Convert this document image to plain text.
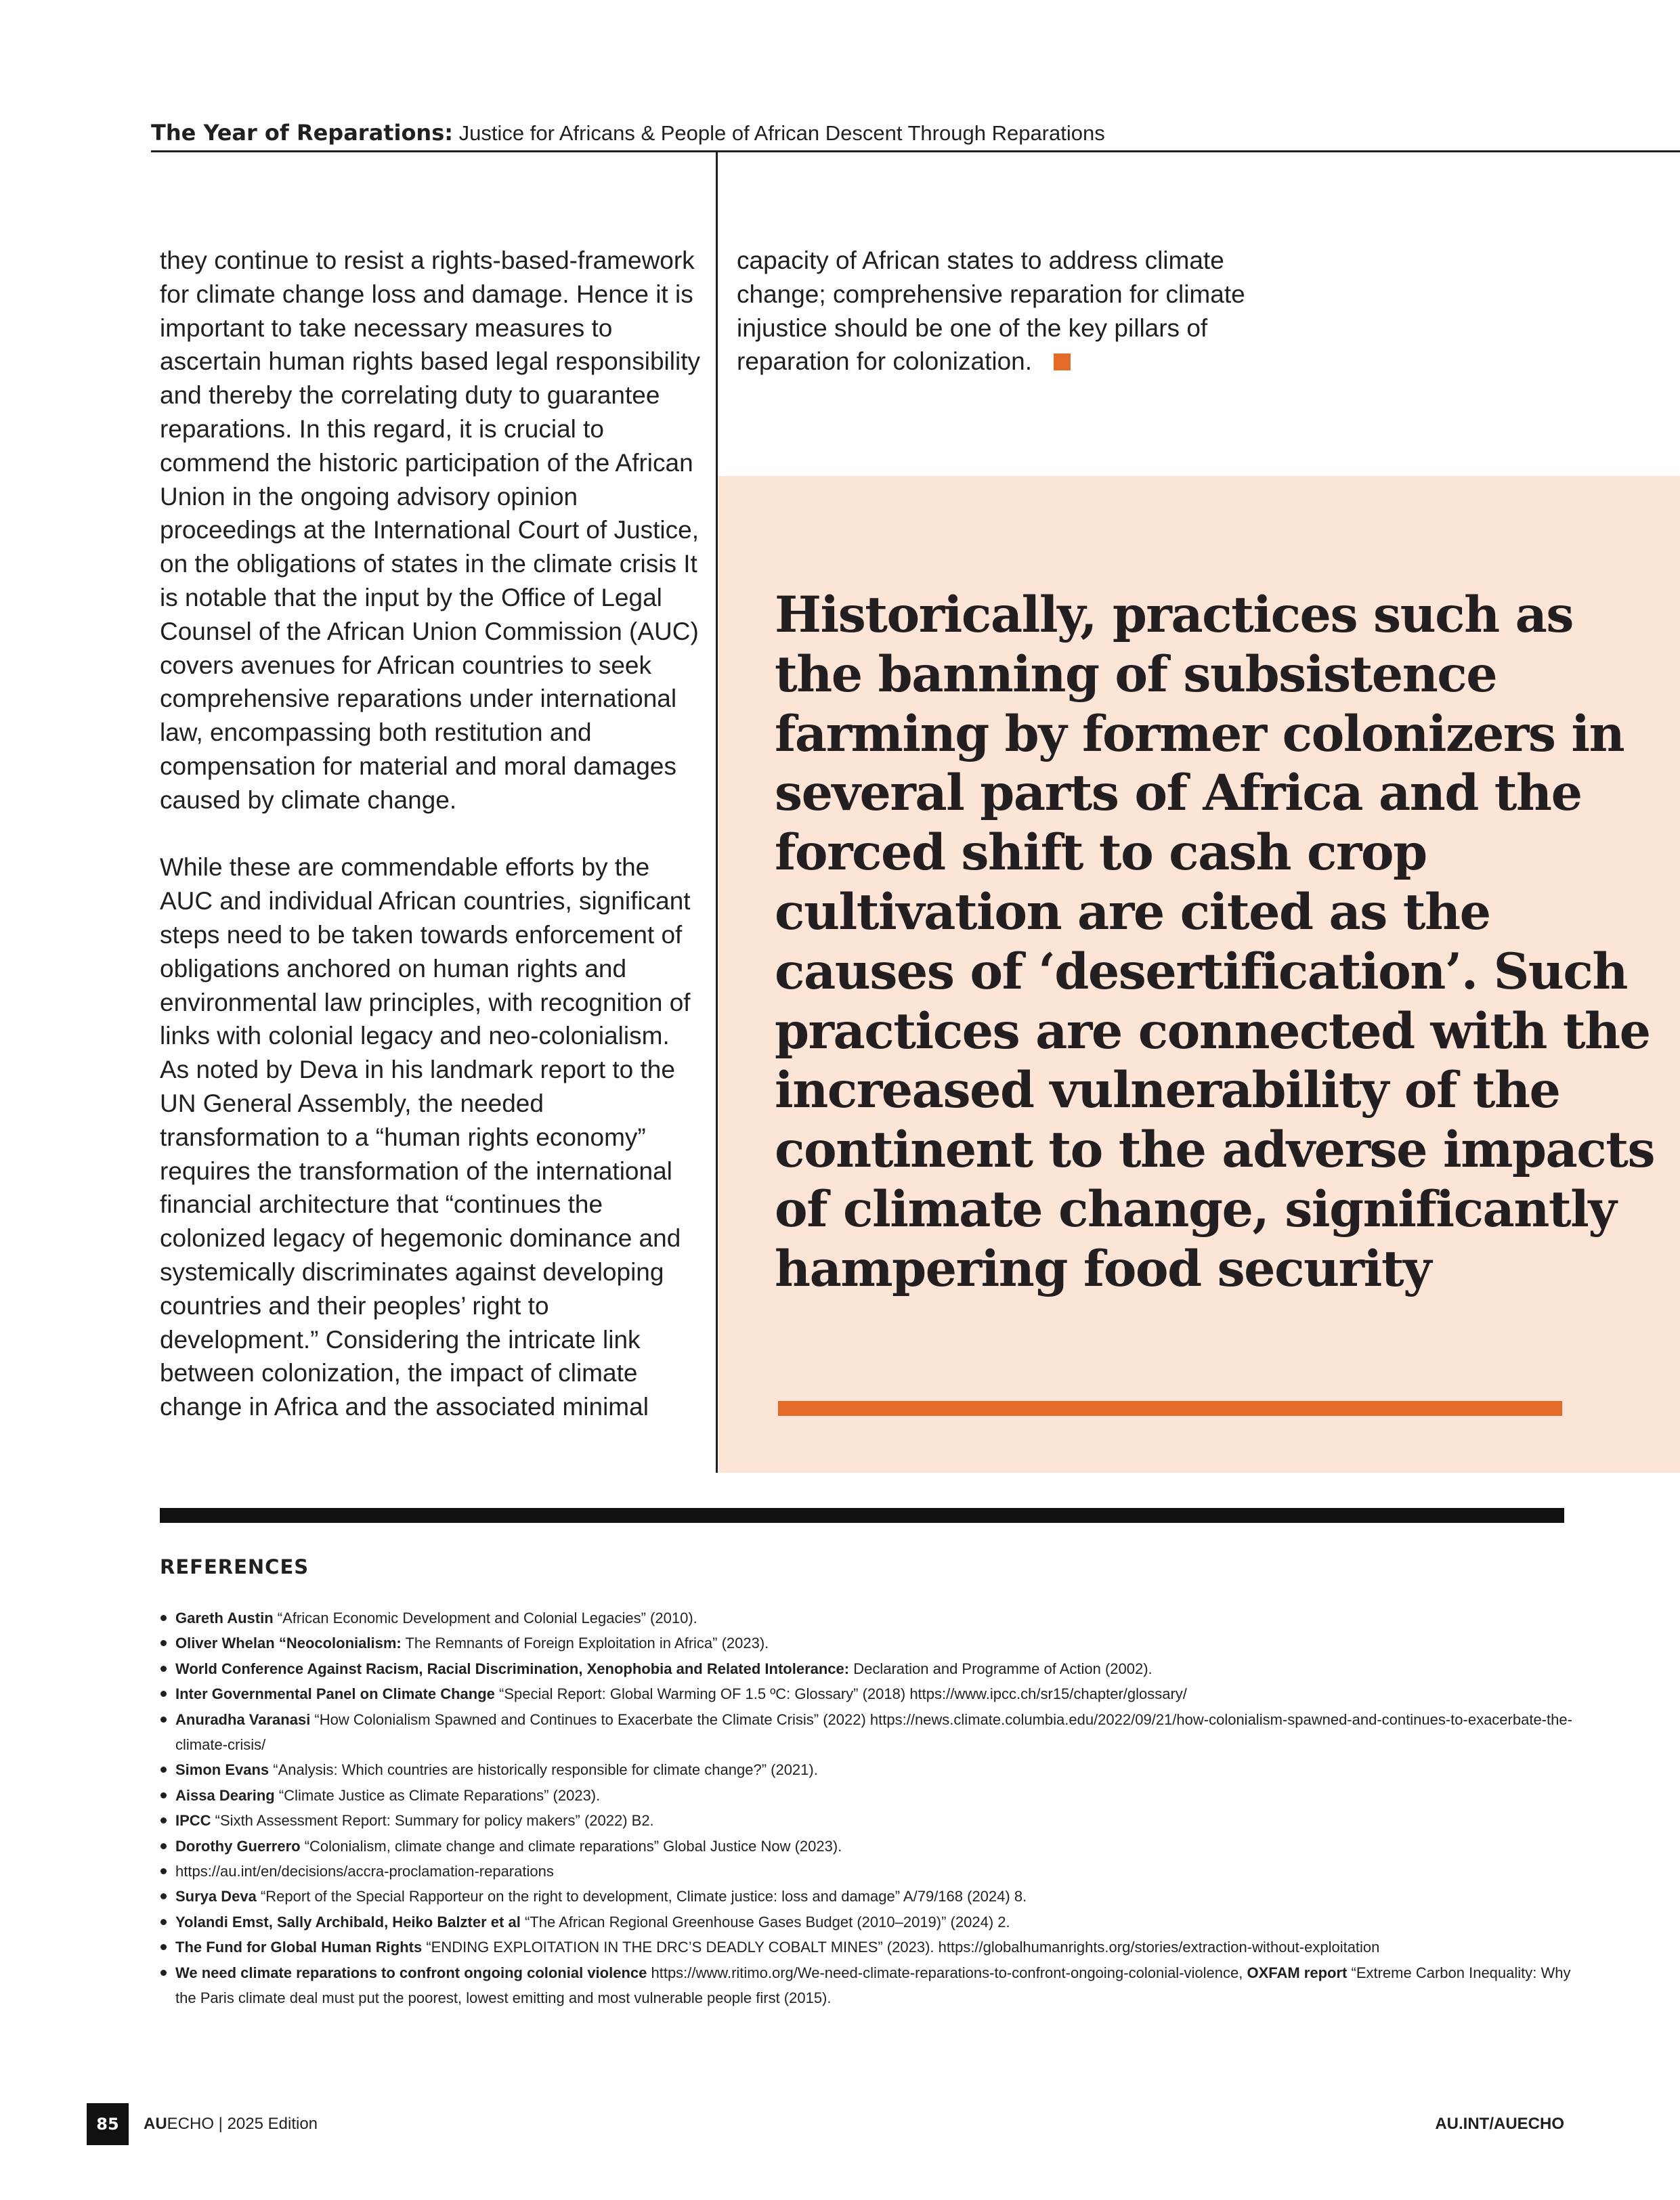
The Year of Reparations: Justice for Africans & People of African Descent Through Reparations

they continue to resist a rights-based-framework for climate change loss and damage. Hence it is important to take necessary measures to ascertain human rights based legal responsibility and thereby the correlating duty to guarantee reparations. In this regard, it is crucial to commend the historic participation of the African Union in the ongoing advisory opinion proceedings at the International Court of Justice, on the obligations of states in the climate crisis It is notable that the input by the Office of Legal Counsel of the African Union Commission (AUC) covers avenues for African countries to seek comprehensive reparations under international law, encompassing both restitution and compensation for material and moral damages caused by climate change.

While these are commendable efforts by the AUC and individual African countries, significant steps need to be taken towards enforcement of obligations anchored on human rights and environmental law principles, with recognition of links with colonial legacy and neo-colonialism. As noted by Deva in his landmark report to the UN General Assembly, the needed transformation to a “human rights economy” requires the transformation of the international financial architecture that “continues the colonized legacy of hegemonic dominance and systemically discriminates against developing countries and their peoples’ right to development.” Considering the intricate link between colonization, the impact of climate change in Africa and the associated minimal

capacity of African states to address climate change; comprehensive reparation for climate injustice should be one of the key pillars of reparation for colonization.

Historically, practices such as the banning of subsistence farming by former colonizers in several parts of Africa and the forced shift to cash crop cultivation are cited as the causes of ‘desertification’. Such practices are connected with the increased vulnerability of the continent to the adverse impacts of climate change, significantly hampering food security

REFERENCES
Gareth Austin “African Economic Development and Colonial Legacies” (2010).
Oliver Whelan “Neocolonialism: The Remnants of Foreign Exploitation in Africa” (2023).
World Conference Against Racism, Racial Discrimination, Xenophobia and Related Intolerance: Declaration and Programme of Action (2002).
Inter Governmental Panel on Climate Change “Special Report: Global Warming OF 1.5 ºC: Glossary” (2018) https://www.ipcc.ch/sr15/chapter/glossary/
Anuradha Varanasi “How Colonialism Spawned and Continues to Exacerbate the Climate Crisis” (2022) https://news.climate.columbia.edu/2022/09/21/how-colonialism-spawned-and-continues-to-exacerbate-the-climate-crisis/
Simon Evans “Analysis: Which countries are historically responsible for climate change?” (2021).
Aissa Dearing “Climate Justice as Climate Reparations” (2023).
IPCC “Sixth Assessment Report: Summary for policy makers” (2022) B2.
Dorothy Guerrero “Colonialism, climate change and climate reparations” Global Justice Now (2023).
https://au.int/en/decisions/accra-proclamation-reparations
Surya Deva “Report of the Special Rapporteur on the right to development, Climate justice: loss and damage” A/79/168 (2024) 8.
Yolandi Emst, Sally Archibald, Heiko Balzter et al “The African Regional Greenhouse Gases Budget (2010–2019)” (2024) 2.
The Fund for Global Human Rights “ENDING EXPLOITATION IN THE DRC’S DEADLY COBALT MINES” (2023). https://globalhumanrights.org/stories/extraction-without-exploitation
We need climate reparations to confront ongoing colonial violence https://www.ritimo.org/We-need-climate-reparations-to-confront-ongoing-colonial-violence, OXFAM report “Extreme Carbon Inequality: Why the Paris climate deal must put the poorest, lowest emitting and most vulnerable people first (2015).
85	AUECHO | 2025 Edition	AU.INT/AUECHO
